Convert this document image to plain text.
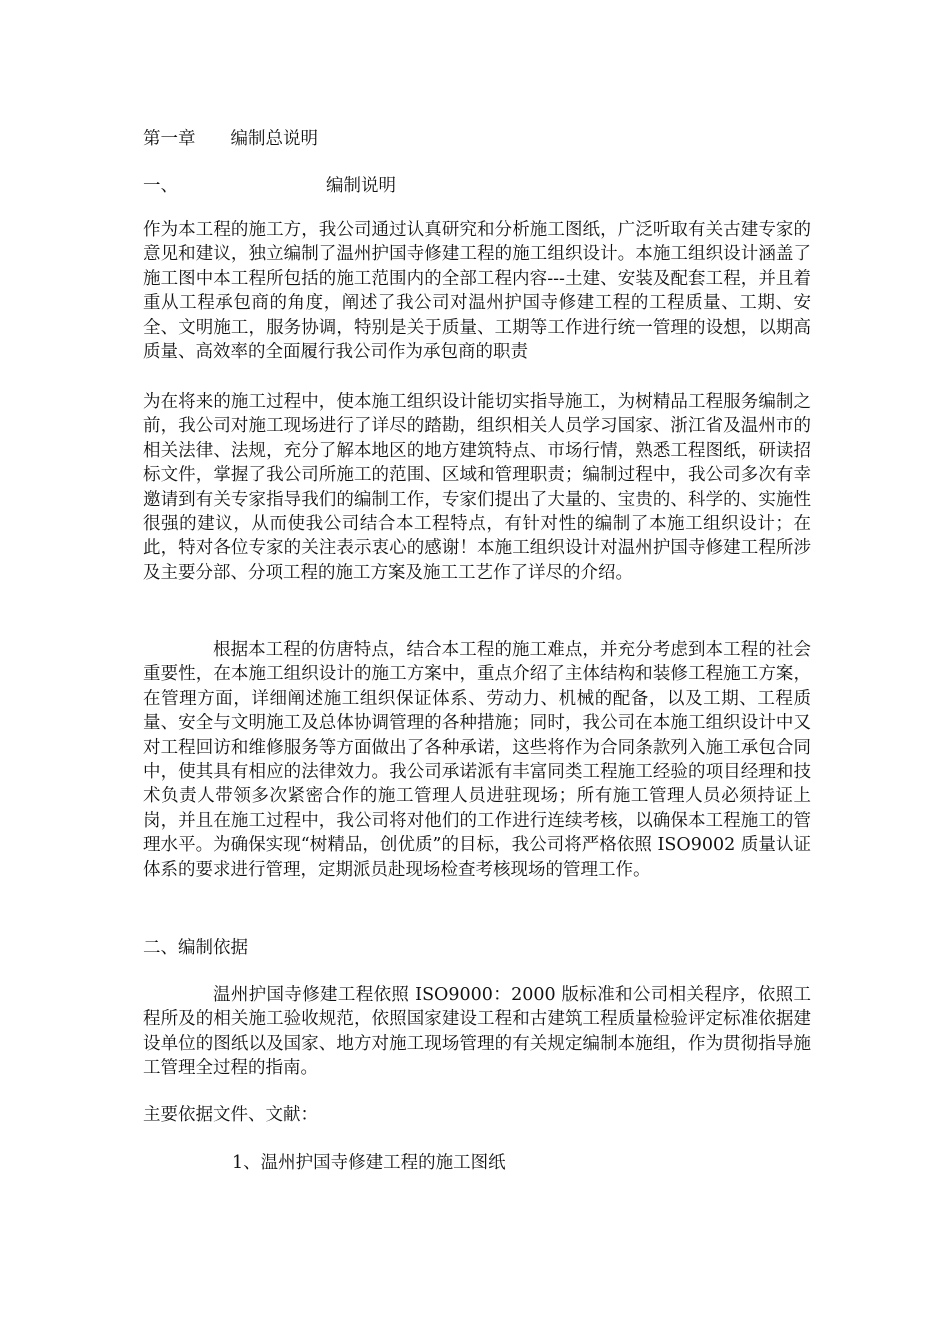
第一章　　编制总说明
一、	编制说明
作为本工程的施工方，我公司通过认真研究和分析施工图纸，广泛听取有关古建专家的意见和建议，独立编制了温州护国寺修建工程的施工组织设计。本施工组织设计涵盖了施工图中本工程所包括的施工范围内的全部工程内容---土建、安装及配套工程，并且着重从工程承包商的角度，阐述了我公司对温州护国寺修建工程的工程质量、工期、安全、文明施工，服务协调，特别是关于质量、工期等工作进行统一管理的设想，以期高质量、高效率的全面履行我公司作为承包商的职责
为在将来的施工过程中，使本施工组织设计能切实指导施工，为树精品工程服务编制之前，我公司对施工现场进行了详尽的踏勘，组织相关人员学习国家、浙江省及温州市的相关法律、法规，充分了解本地区的地方建筑特点、市场行情，熟悉工程图纸，研读招标文件，掌握了我公司所施工的范围、区域和管理职责；编制过程中，我公司多次有幸邀请到有关专家指导我们的编制工作，专家们提出了大量的、宝贵的、科学的、实施性很强的建议，从而使我公司结合本工程特点，有针对性的编制了本施工组织设计；在此，特对各位专家的关注表示衷心的感谢！本施工组织设计对温州护国寺修建工程所涉及主要分部、分项工程的施工方案及施工工艺作了详尽的介绍。
根据本工程的仿唐特点，结合本工程的施工难点，并充分考虑到本工程的社会重要性，在本施工组织设计的施工方案中，重点介绍了主体结构和装修工程施工方案，在管理方面，详细阐述施工组织保证体系、劳动力、机械的配备，以及工期、工程质量、安全与文明施工及总体协调管理的各种措施；同时，我公司在本施工组织设计中又对工程回访和维修服务等方面做出了各种承诺，这些将作为合同条款列入施工承包合同中，使其具有相应的法律效力。我公司承诺派有丰富同类工程施工经验的项目经理和技术负责人带领多次紧密合作的施工管理人员进驻现场；所有施工管理人员必须持证上岗，并且在施工过程中，我公司将对他们的工作进行连续考核，以确保本工程施工的管理水平。为确保实现“树精品，创优质”的目标，我公司将严格依照 ISO9002 质量认证体系的要求进行管理，定期派员赴现场检查考核现场的管理工作。
二、编制依据
温州护国寺修建工程依照 ISO9000：2000 版标准和公司相关程序，依照工程所及的相关施工验收规范，依照国家建设工程和古建筑工程质量检验评定标准依据建设单位的图纸以及国家、地方对施工现场管理的有关规定编制本施组，作为贯彻指导施工管理全过程的指南。
主要依据文件、文献：
1、温州护国寺修建工程的施工图纸
